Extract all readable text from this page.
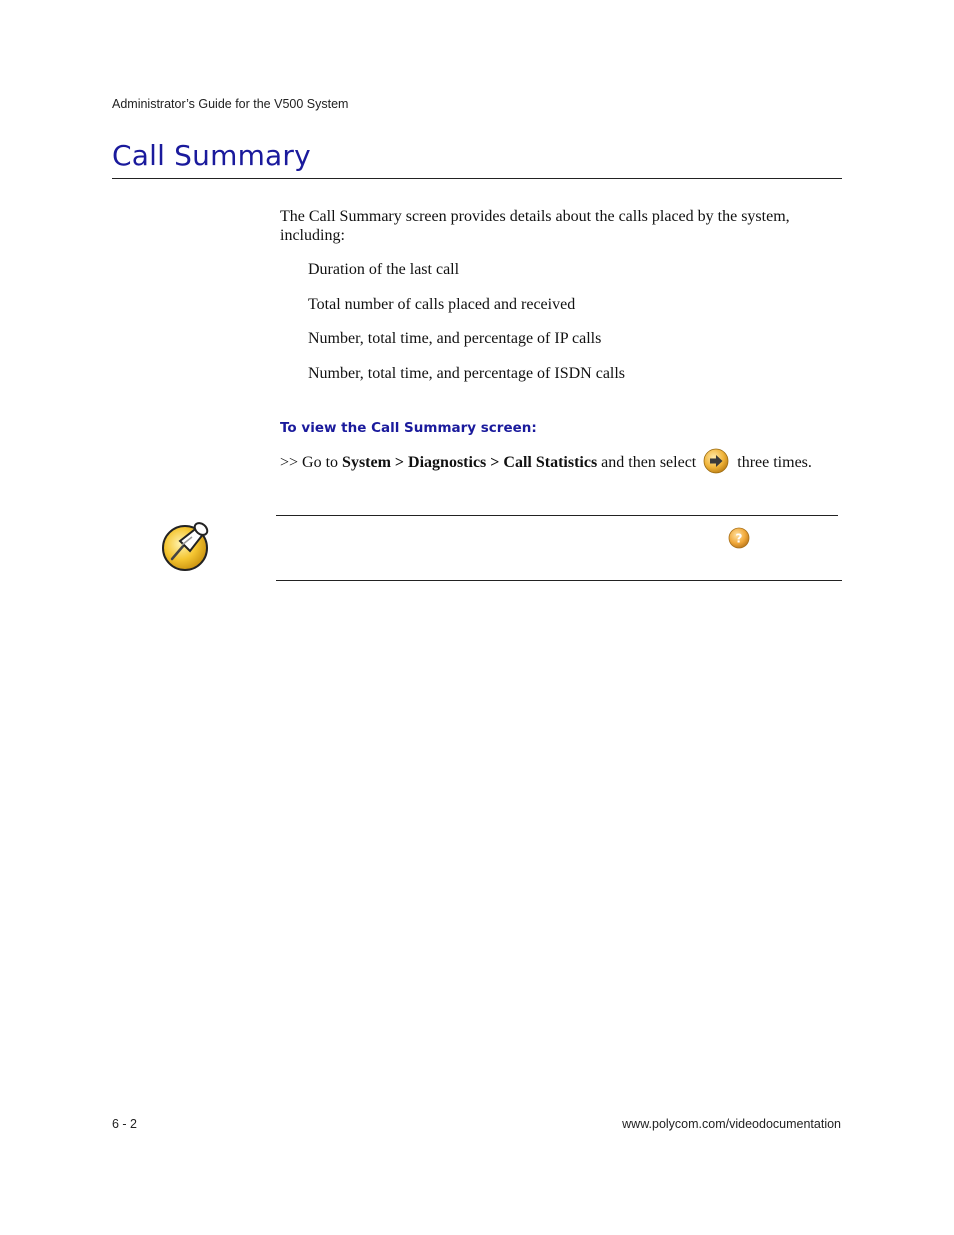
Administrator’s Guide for the V500 System
Call Summary

The Call Summary screen provides details about the calls placed by the system, including:

Duration of the last call
Total number of calls placed and received
Number, total time, and percentage of IP calls
Number, total time, and percentage of ISDN calls
To view the Call Summary screen:

>> Go to System > Diagnostics > Call Statistics and then select  three times.

?
6 - 2	www.polycom.com/videodocumentation
